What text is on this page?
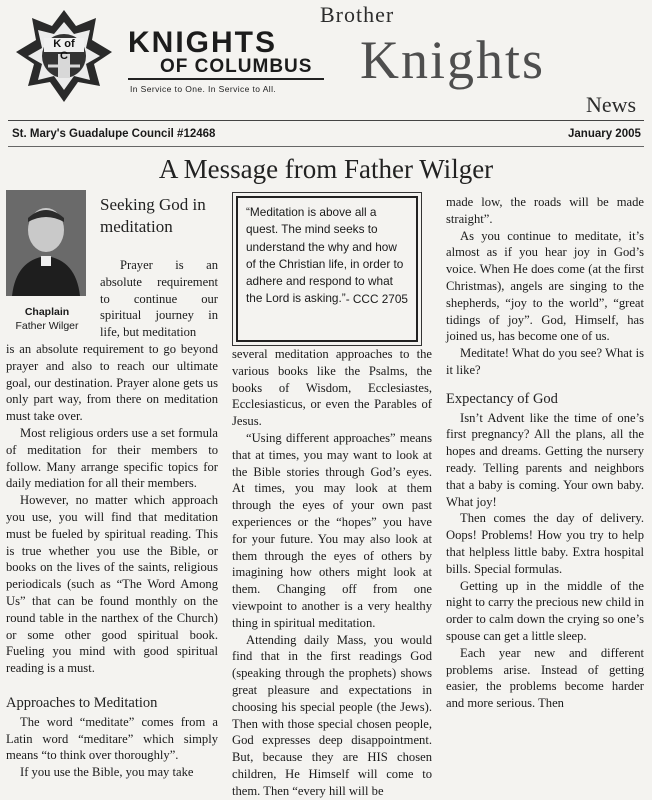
K of C	KNIGHTS
OF COLUMBUS
In Service to One. In Service to All.
Brother
Knights
News
St. Mary's Guadalupe Council #12468	January 2005
A Message from Father Wilger
Chaplain
Father Wilger
Seeking God in meditation

Prayer is an absolute requirement to continue our spiritual journey in life, but meditation

is an absolute requirement to go beyond prayer and also to reach our ultimate goal, our destination. Prayer alone gets us only part way, from there on meditation must take over.

Most religious orders use a set formula of meditation for their members to follow. Many arrange specific topics for daily mediation for all their members.

However, no matter which approach you use, you will find that meditation must be fueled by spiritual reading. This is true whether you use the Bible, or books on the lives of the saints, religious periodicals (such as “The Word Among Us” that can be found monthly on the round table in the narthex of the Church) or some other good spiritual book. Fueling you mind with good spiritual reading is a must.

Approaches to Meditation

The word “meditate” comes from a Latin word “meditare” which simply means “to think over thoroughly”.

If you use the Bible, you may take

“Meditation is above all a quest. The mind seeks to understand the why and how of the Christian life, in order to adhere and respond to what the Lord is asking.” - CCC 2705

several meditation approaches to the various books like the Psalms, the books of Wisdom, Ecclesiastes, Ecclesiasticus, or even the Parables of Jesus.

“Using different approaches” means that at times, you may want to look at the Bible stories through God’s eyes. At times, you may look at them through the eyes of your own past experiences or the “hopes” you have for your future. You may also look at them through the eyes of others by imagining how others might look at them. Changing off from one viewpoint to another is a very healthy thing in spiritual meditation.

Attending daily Mass, you would find that in the first readings God (speaking through the prophets) shows great pleasure and expectations in choosing his special people (the Jews). Then with those special chosen people, God expresses deep disappointment. But, because they are HIS chosen children, He Himself will come to them. Then “every hill will be

made low, the roads will be made straight”.

As you continue to meditate, it’s almost as if you hear joy in God’s voice. When He does come (at the first Christmas), angels are singing to the shepherds, “joy to the world”, “great tidings of joy”. God, Himself, has joined us, has become one of us.

Meditate! What do you see? What is it like?

Expectancy of God

Isn’t Advent like the time of one’s first pregnancy? All the plans, all the hopes and dreams. Getting the nursery ready. Telling parents and neighbors that a baby is coming. Your own baby. What joy!

Then comes the day of delivery. Oops! Problems! How you try to help that helpless little baby. Extra hospital bills. Special formulas.

Getting up in the middle of the night to carry the precious new child in order to calm down the crying so one’s spouse can get a little sleep.

Each year new and different problems arise. Instead of getting easier, the problems become harder and more serious. Then
